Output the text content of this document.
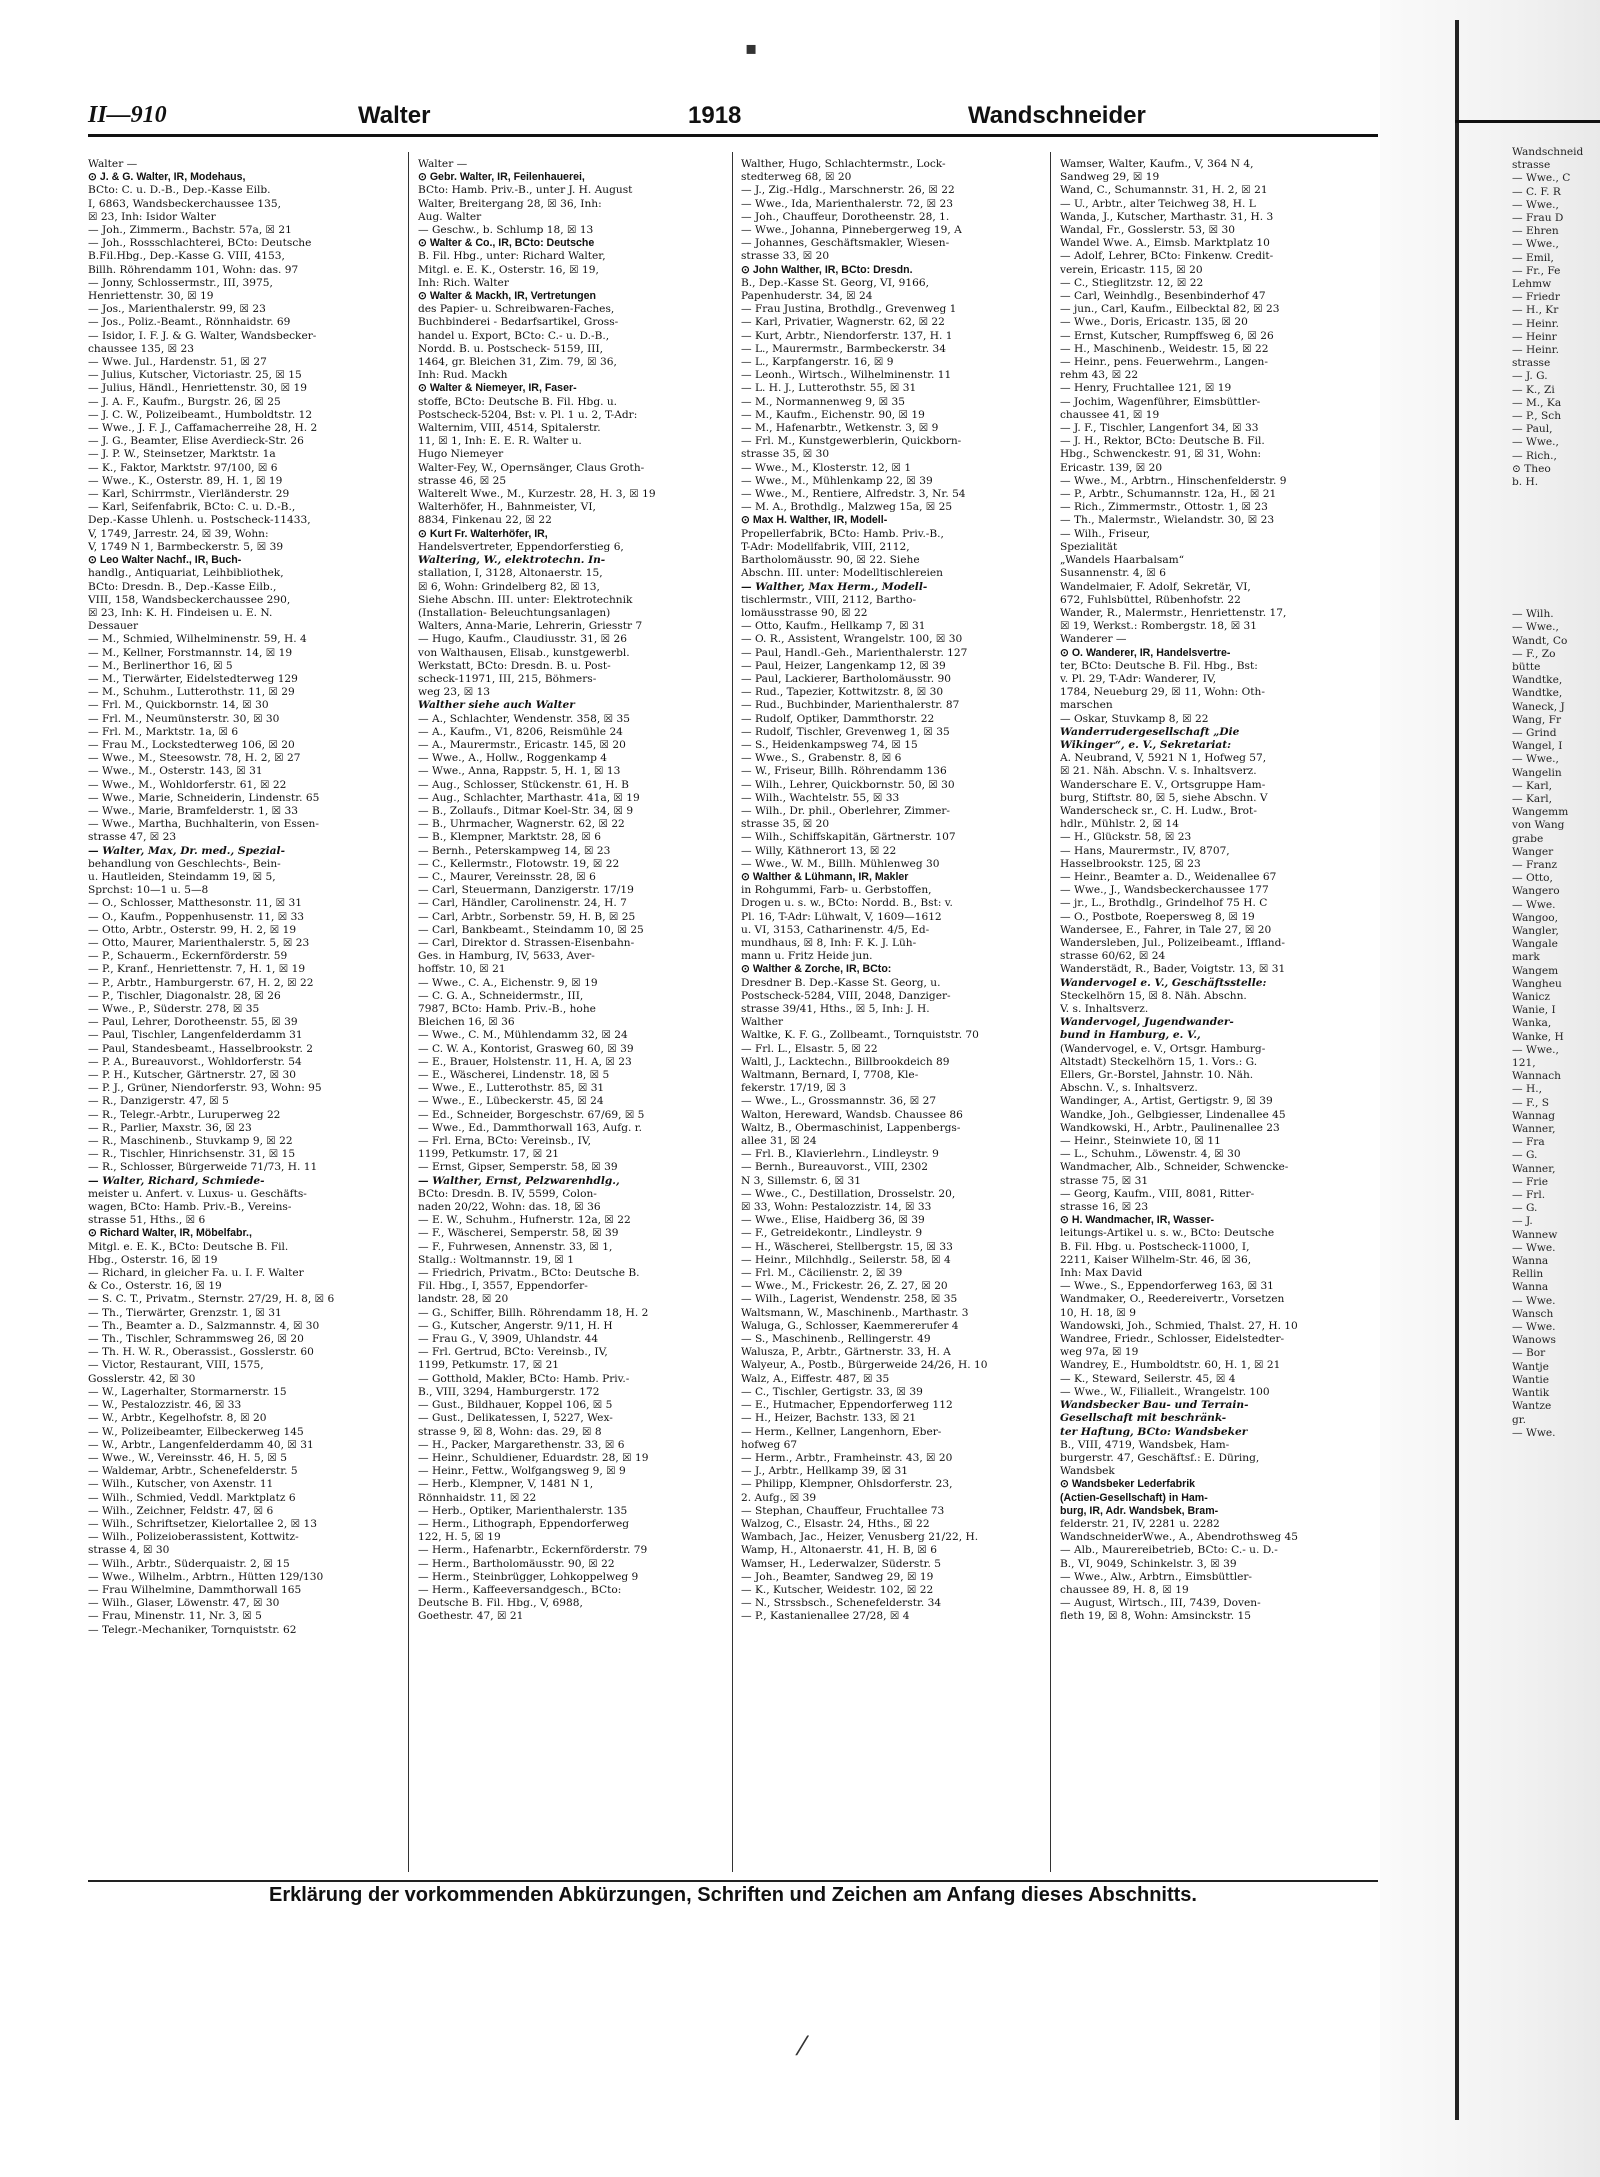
II—910	Walter	1918	Wandschneider
Walter —
⊙ J. & G. Walter, IR, Modehaus,
BCto: C. u. D.-B., Dep.-Kasse Eilb.
I, 6863, Wandsbeckerchaussee 135,
☒ 23, Inh: Isidor Walter
— Joh., Zimmerm., Bachstr. 57a, ☒ 21
— Joh., Rossschlachterei, BCto: Deutsche
B.Fil.Hbg., Dep.-Kasse G. VIII, 4153,
Billh. Röhrendamm 101, Wohn: das. 97
— Jonny, Schlossermstr., III, 3975,
Henriettenstr. 30, ☒ 19
— Jos., Marienthalerstr. 99, ☒ 23
— Jos., Poliz.-Beamt., Rönnhaidstr. 69
— Isidor, I. F. J. & G. Walter, Wandsbecker-
chaussee 135, ☒ 23
— Wwe. Jul., Hardenstr. 51, ☒ 27
— Julius, Kutscher, Victoriastr. 25, ☒ 15
— Julius, Händl., Henriettenstr. 30, ☒ 19
— J. A. F., Kaufm., Burgstr. 26, ☒ 25
— J. C. W., Polizeibeamt., Humboldtstr. 12
— Wwe., J. F. J., Caffamacherreihe 28, H. 2
— J. G., Beamter, Elise Averdieck-Str. 26
— J. P. W., Steinsetzer, Marktstr. 1a
— K., Faktor, Marktstr. 97/100, ☒ 6
— Wwe., K., Osterstr. 89, H. 1, ☒ 19
— Karl, Schirrmstr., Vierländerstr. 29
— Karl, Seifenfabrik, BCto: C. u. D.-B.,
Dep.-Kasse Uhlenh. u. Postscheck-11433,
V, 1749, Jarrestr. 24, ☒ 39, Wohn:
V, 1749 N 1, Barmbeckerstr. 5, ☒ 39
⊙ Leo Walter Nachf., IR, Buch-
handlg., Antiquariat, Leihbibliothek,
BCto: Dresdn. B., Dep.-Kasse Eilb.,
VIII, 158, Wandsbeckerchaussee 290,
☒ 23, Inh: K. H. Findeisen u. E. N.
Dessauer
— M., Schmied, Wilhelminenstr. 59, H. 4
— M., Kellner, Forstmannstr. 14, ☒ 19
— M., Berlinerthor 16, ☒ 5
— M., Tierwärter, Eidelstedterweg 129
— M., Schuhm., Lutterothstr. 11, ☒ 29
— Frl. M., Quickbornstr. 14, ☒ 30
— Frl. M., Neumünsterstr. 30, ☒ 30
— Frl. M., Marktstr. 1a, ☒ 6
— Frau M., Lockstedterweg 106, ☒ 20
— Wwe., M., Steesowstr. 78, H. 2, ☒ 27
— Wwe., M., Osterstr. 143, ☒ 31
— Wwe., M., Wohldorferstr. 61, ☒ 22
— Wwe., Marie, Schneiderin, Lindenstr. 65
— Wwe., Marie, Bramfelderstr. 1, ☒ 33
— Wwe., Martha, Buchhalterin, von Essen-
strasse 47, ☒ 23
— Walter, Max, Dr. med., Spezial-
behandlung von Geschlechts-, Bein-
u. Hautleiden, Steindamm 19, ☒ 5,
Sprchst: 10—1 u. 5—8
— O., Schlosser, Matthesonstr. 11, ☒ 31
— O., Kaufm., Poppenhusenstr. 11, ☒ 33
— Otto, Arbtr., Osterstr. 99, H. 2, ☒ 19
— Otto, Maurer, Marienthalerstr. 5, ☒ 23
— P., Schauerm., Eckernförderstr. 59
— P., Kranf., Henriettenstr. 7, H. 1, ☒ 19
— P., Arbtr., Hamburgerstr. 67, H. 2, ☒ 22
— P., Tischler, Diagonalstr. 28, ☒ 26
— Wwe., P., Süderstr. 278, ☒ 35
— Paul, Lehrer, Dorotheenstr. 55, ☒ 39
— Paul, Tischler, Langenfelderdamm 31
— Paul, Standesbeamt., Hasselbrookstr. 2
— P. A., Bureauvorst., Wohldorferstr. 54
— P. H., Kutscher, Gärtnerstr. 27, ☒ 30
— P. J., Grüner, Niendorferstr. 93, Wohn: 95
— R., Danzigerstr. 47, ☒ 5
— R., Telegr.-Arbtr., Luruperweg 22
— R., Parlier, Maxstr. 36, ☒ 23
— R., Maschinenb., Stuvkamp 9, ☒ 22
— R., Tischler, Hinrichsenstr. 31, ☒ 15
— R., Schlosser, Bürgerweide 71/73, H. 11
— Walter, Richard, Schmiede-
meister u. Anfert. v. Luxus- u. Geschäfts-
wagen, BCto: Hamb. Priv.-B., Vereins-
strasse 51, Hths., ☒ 6
⊙ Richard Walter, IR, Möbelfabr.,
Mitgl. e. E. K., BCto: Deutsche B. Fil.
Hbg., Osterstr. 16, ☒ 19
— Richard, in gleicher Fa. u. I. F. Walter
& Co., Osterstr. 16, ☒ 19
— S. C. T., Privatm., Sternstr. 27/29, H. 8, ☒ 6
— Th., Tierwärter, Grenzstr. 1, ☒ 31
— Th., Beamter a. D., Salzmannstr. 4, ☒ 30
— Th., Tischler, Schrammsweg 26, ☒ 20
— Th. H. W. R., Oberassist., Gosslerstr. 60
— Victor, Restaurant, VIII, 1575,
Gosslerstr. 42, ☒ 30
— W., Lagerhalter, Stormarnerstr. 15
— W., Pestalozzistr. 46, ☒ 33
— W., Arbtr., Kegelhofstr. 8, ☒ 20
— W., Polizeibeamter, Eilbeckerweg 145
— W., Arbtr., Langenfelderdamm 40, ☒ 31
— Wwe., W., Vereinsstr. 46, H. 5, ☒ 5
— Waldemar, Arbtr., Schenefelderstr. 5
— Wilh., Kutscher, von Axenstr. 11
— Wilh., Schmied, Veddl. Marktplatz 6
— Wilh., Zeichner, Feldstr. 47, ☒ 6
— Wilh., Schriftsetzer, Kielortallee 2, ☒ 13
— Wilh., Polizeioberassistent, Kottwitz-
strasse 4, ☒ 30
— Wilh., Arbtr., Süderquaistr. 2, ☒ 15
— Wwe., Wilhelm., Arbtrn., Hütten 129/130
— Frau Wilhelmine, Dammthorwall 165
— Wilh., Glaser, Löwenstr. 47, ☒ 30
— Frau, Minenstr. 11, Nr. 3, ☒ 5
— Telegr.-Mechaniker, Tornquiststr. 62
Walter —
⊙ Gebr. Walter, IR, Feilenhauerei,
BCto: Hamb. Priv.-B., unter J. H. August
Walter, Breitergang 28, ☒ 36, Inh:
Aug. Walter
— Geschw., b. Schlump 18, ☒ 13
⊙ Walter & Co., IR, BCto: Deutsche
B. Fil. Hbg., unter: Richard Walter,
Mitgl. e. E. K., Osterstr. 16, ☒ 19,
Inh: Rich. Walter
⊙ Walter & Mackh, IR, Vertretungen
des Papier- u. Schreibwaren-Faches,
Buchbinderei - Bedarfsartikel, Gross-
handel u. Export, BCto: C.- u. D.-B.,
Nordd. B. u. Postscheck- 5159, III,
1464, gr. Bleichen 31, Zim. 79, ☒ 36,
Inh: Rud. Mackh
⊙ Walter & Niemeyer, IR, Faser-
stoffe, BCto: Deutsche B. Fil. Hbg. u.
Postscheck-5204, Bst: v. Pl. 1 u. 2, T-Adr:
Walternim, VIII, 4514, Spitalerstr.
11, ☒ 1, Inh: E. E. R. Walter u.
Hugo Niemeyer
Walter-Fey, W., Opernsänger, Claus Groth-
strasse 46, ☒ 25
Walterelt Wwe., M., Kurzestr. 28, H. 3, ☒ 19
Walterhöfer, H., Bahnmeister, VI,
8834, Finkenau 22, ☒ 22
⊙ Kurt Fr. Walterhöfer, IR,
Handelsvertreter, Eppendorferstieg 6,
Waltering, W., elektrotechn. In-
stallation, I, 3128, Altonaerstr. 15,
☒ 6, Wohn: Grindelberg 82, ☒ 13,
Siehe Abschn. III. unter: Elektrotechnik
(Installation- Beleuchtungsanlagen)
Walters, Anna-Marie, Lehrerin, Griesstr 7
— Hugo, Kaufm., Claudiusstr. 31, ☒ 26
von Walthausen, Elisab., kunstgewerbl.
Werkstatt, BCto: Dresdn. B. u. Post-
scheck-11971, III, 215, Böhmers-
weg 23, ☒ 13
Walther siehe auch Walter
— A., Schlachter, Wendenstr. 358, ☒ 35
— A., Kaufm., V1, 8206, Reismühle 24
— A., Maurermstr., Ericastr. 145, ☒ 20
— Wwe., A., Hollw., Roggenkamp 4
— Wwe., Anna, Rappstr. 5, H. 1, ☒ 13
— Aug., Schlosser, Stückenstr. 61, H. B
— Aug., Schlachter, Marthastr. 41a, ☒ 19
— B., Zollaufs., Ditmar Koel-Str. 34, ☒ 9
— B., Uhrmacher, Wagnerstr. 62, ☒ 22
— B., Klempner, Marktstr. 28, ☒ 6
— Bernh., Peterskampweg 14, ☒ 23
— C., Kellermstr., Flotowstr. 19, ☒ 22
— C., Maurer, Vereinsstr. 28, ☒ 6
— Carl, Steuermann, Danzigerstr. 17/19
— Carl, Händler, Carolinenstr. 24, H. 7
— Carl, Arbtr., Sorbenstr. 59, H. B, ☒ 25
— Carl, Bankbeamt., Steindamm 10, ☒ 25
— Carl, Direktor d. Strassen-Eisenbahn-
Ges. in Hamburg, IV, 5633, Aver-
hoffstr. 10, ☒ 21
— Wwe., C. A., Eichenstr. 9, ☒ 19
— C. G. A., Schneidermstr., III,
7987, BCto: Hamb. Priv.-B., hohe
Bleichen 16, ☒ 36
— Wwe., C. M., Mühlendamm 32, ☒ 24
— C. W. A., Kontorist, Grasweg 60, ☒ 39
— E., Brauer, Holstenstr. 11, H. A, ☒ 23
— E., Wäscherei, Lindenstr. 18, ☒ 5
— Wwe., E., Lutterothstr. 85, ☒ 31
— Wwe., E., Lübeckerstr. 45, ☒ 24
— Ed., Schneider, Borgeschstr. 67/69, ☒ 5
— Wwe., Ed., Dammthorwall 163, Aufg. r.
— Frl. Erna, BCto: Vereinsb., IV,
1199, Petkumstr. 17, ☒ 21
— Ernst, Gipser, Semperstr. 58, ☒ 39
— Walther, Ernst, Pelzwarenhdlg.,
BCto: Dresdn. B. IV, 5599, Colon-
naden 20/22, Wohn: das. 18, ☒ 36
— E. W., Schuhm., Hufnerstr. 12a, ☒ 22
— F., Wäscherei, Semperstr. 58, ☒ 39
— F., Fuhrwesen, Annenstr. 33, ☒ 1,
Stallg.: Woltmannstr. 19, ☒ 1
— Friedrich, Privatm., BCto: Deutsche B.
Fil. Hbg., I, 3557, Eppendorfer-
landstr. 28, ☒ 20
— G., Schiffer, Billh. Röhrendamm 18, H. 2
— G., Kutscher, Angerstr. 9/11, H. H
— Frau G., V, 3909, Uhlandstr. 44
— Frl. Gertrud, BCto: Vereinsb., IV,
1199, Petkumstr. 17, ☒ 21
— Gotthold, Makler, BCto: Hamb. Priv.-
B., VIII, 3294, Hamburgerstr. 172
— Gust., Bildhauer, Koppel 106, ☒ 5
— Gust., Delikatessen, I, 5227, Wex-
strasse 9, ☒ 8, Wohn: das. 29, ☒ 8
— H., Packer, Margarethenstr. 33, ☒ 6
— Heinr., Schuldiener, Eduardstr. 28, ☒ 19
— Heinr., Fettw., Wolfgangsweg 9, ☒ 9
— Herb., Klempner, V, 1481 N 1,
Rönnhaidstr. 11, ☒ 22
— Herb., Optiker, Marienthalerstr. 135
— Herm., Lithograph, Eppendorferweg
122, H. 5, ☒ 19
— Herm., Hafenarbtr., Eckernförderstr. 79
— Herm., Bartholomäusstr. 90, ☒ 22
— Herm., Steinbrügger, Lohkoppelweg 9
— Herm., Kaffeeversandgesch., BCto:
Deutsche B. Fil. Hbg., V, 6988,
Goethestr. 47, ☒ 21
Walther, Hugo, Schlachtermstr., Lock-
stedterweg 68, ☒ 20
— J., Zig.-Hdlg., Marschnerstr. 26, ☒ 22
— Wwe., Ida, Marienthalerstr. 72, ☒ 23
— Joh., Chauffeur, Dorotheenstr. 28, 1.
— Wwe., Johanna, Pinnebergerweg 19, A
— Johannes, Geschäftsmakler, Wiesen-
strasse 33, ☒ 20
⊙ John Walther, IR, BCto: Dresdn.
B., Dep.-Kasse St. Georg, VI, 9166,
Papenhuderstr. 34, ☒ 24
— Frau Justina, Brothdlg., Grevenweg 1
— Karl, Privatier, Wagnerstr. 62, ☒ 22
— Kurt, Arbtr., Niendorferstr. 137, H. 1
— L., Maurermstr., Barmbeckerstr. 34
— L., Karpfangerstr. 16, ☒ 9
— Leonh., Wirtsch., Wilhelminenstr. 11
— L. H. J., Lutterothstr. 55, ☒ 31
— M., Normannenweg 9, ☒ 35
— M., Kaufm., Eichenstr. 90, ☒ 19
— M., Hafenarbtr., Wetkenstr. 3, ☒ 9
— Frl. M., Kunstgewerblerin, Quickborn-
strasse 35, ☒ 30
— Wwe., M., Klosterstr. 12, ☒ 1
— Wwe., M., Mühlenkamp 22, ☒ 39
— Wwe., M., Rentiere, Alfredstr. 3, Nr. 54
— M. A., Brothdlg., Malzweg 15a, ☒ 25
⊙ Max H. Walther, IR, Modell-
Propellerfabrik, BCto: Hamb. Priv.-B.,
T-Adr: Modellfabrik, VIII, 2112,
Bartholomäusstr. 90, ☒ 22. Siehe
Abschn. III. unter: Modelltischlereien
— Walther, Max Herm., Modell-
tischlermstr., VIII, 2112, Bartho-
lomäusstrasse 90, ☒ 22
— Otto, Kaufm., Hellkamp 7, ☒ 31
— O. R., Assistent, Wrangelstr. 100, ☒ 30
— Paul, Handl.-Geh., Marienthalerstr. 127
— Paul, Heizer, Langenkamp 12, ☒ 39
— Paul, Lackierer, Bartholomäusstr. 90
— Rud., Tapezier, Kottwitzstr. 8, ☒ 30
— Rud., Buchbinder, Marienthalerstr. 87
— Rudolf, Optiker, Dammthorstr. 22
— Rudolf, Tischler, Grevenweg 1, ☒ 35
— S., Heidenkampsweg 74, ☒ 15
— Wwe., S., Grabenstr. 8, ☒ 6
— W., Friseur, Billh. Röhrendamm 136
— Wilh., Lehrer, Quickbornstr. 50, ☒ 30
— Wilh., Wachtelstr. 55, ☒ 33
— Wilh., Dr. phil., Oberlehrer, Zimmer-
strasse 35, ☒ 20
— Wilh., Schiffskapitän, Gärtnerstr. 107
— Willy, Käthnerort 13, ☒ 22
— Wwe., W. M., Billh. Mühlenweg 30
⊙ Walther & Lühmann, IR, Makler
in Rohgummi, Farb- u. Gerbstoffen,
Drogen u. s. w., BCto: Nordd. B., Bst: v.
Pl. 16, T-Adr: Lühwalt, V, 1609—1612
u. VI, 3153, Catharinenstr. 4/5, Ed-
mundhaus, ☒ 8, Inh: F. K. J. Lüh-
mann u. Fritz Heide jun.
⊙ Walther & Zorche, IR, BCto:
Dresdner B. Dep.-Kasse St. Georg, u.
Postscheck-5284, VIII, 2048, Danziger-
strasse 39/41, Hths., ☒ 5, Inh: J. H.
Walther
Waltke, K. F. G., Zollbeamt., Tornquiststr. 70
— Frl. L., Elsastr. 5, ☒ 22
Waltl, J., Lacktechn., Billbrookdeich 89
Waltmann, Bernard, I, 7708, Kle-
fekerstr. 17/19, ☒ 3
— Wwe., L., Grossmannstr. 36, ☒ 27
Walton, Hereward, Wandsb. Chaussee 86
Waltz, B., Obermaschinist, Lappenbergs-
allee 31, ☒ 24
— Frl. B., Klavierlehrn., Lindleystr. 9
— Bernh., Bureauvorst., VIII, 2302
N 3, Sillemstr. 6, ☒ 31
— Wwe., C., Destillation, Drosselstr. 20,
☒ 33, Wohn: Pestalozzistr. 14, ☒ 33
— Wwe., Elise, Haidberg 36, ☒ 39
— F., Getreidekontr., Lindleystr. 9
— H., Wäscherei, Stellbergstr. 15, ☒ 33
— Heinr., Milchhdlg., Seilerstr. 58, ☒ 4
— Frl. M., Cäcilienstr. 2, ☒ 39
— Wwe., M., Frickestr. 26, Z. 27, ☒ 20
— Wilh., Lagerist, Wendenstr. 258, ☒ 35
Waltsmann, W., Maschinenb., Marthastr. 3
Waluga, G., Schlosser, Kaemmererufer 4
— S., Maschinenb., Rellingerstr. 49
Walusza, P., Arbtr., Gärtnerstr. 33, H. A
Walyeur, A., Postb., Bürgerweide 24/26, H. 10
Walz, A., Eiffestr. 487, ☒ 35
— C., Tischler, Gertigstr. 33, ☒ 39
— E., Hutmacher, Eppendorferweg 112
— H., Heizer, Bachstr. 133, ☒ 21
— Herm., Kellner, Langenhorn, Eber-
hofweg 67
— Herm., Arbtr., Framheinstr. 43, ☒ 20
— J., Arbtr., Hellkamp 39, ☒ 31
— Philipp, Klempner, Ohlsdorferstr. 23,
2. Aufg., ☒ 39
— Stephan, Chauffeur, Fruchtallee 73
Walzog, C., Elsastr. 24, Hths., ☒ 22
Wambach, Jac., Heizer, Venusberg 21/22, H.
Wamp, H., Altonaerstr. 41, H. B, ☒ 6
Wamser, H., Lederwalzer, Süderstr. 5
— Joh., Beamter, Sandweg 29, ☒ 19
— K., Kutscher, Weidestr. 102, ☒ 22
— N., Strssbsch., Schenefelderstr. 34
— P., Kastanienallee 27/28, ☒ 4
Wamser, Walter, Kaufm., V, 364 N 4,
Sandweg 29, ☒ 19
Wand, C., Schumannstr. 31, H. 2, ☒ 21
— U., Arbtr., alter Teichweg 38, H. L
Wanda, J., Kutscher, Marthastr. 31, H. 3
Wandal, Fr., Gosslerstr. 53, ☒ 30
Wandel Wwe. A., Eimsb. Marktplatz 10
— Adolf, Lehrer, BCto: Finkenw. Credit-
verein, Ericastr. 115, ☒ 20
— C., Stieglitzstr. 12, ☒ 22
— Carl, Weinhdlg., Besenbinderhof 47
— jun., Carl, Kaufm., Eilbecktal 82, ☒ 23
— Wwe., Doris, Ericastr. 135, ☒ 20
— Ernst, Kutscher, Rumpffsweg 6, ☒ 26
— H., Maschinenb., Weidestr. 15, ☒ 22
— Heinr., pens. Feuerwehrm., Langen-
rehm 43, ☒ 22
— Henry, Fruchtallee 121, ☒ 19
— Jochim, Wagenführer, Eimsbüttler-
chaussee 41, ☒ 19
— J. F., Tischler, Langenfort 34, ☒ 33
— J. H., Rektor, BCto: Deutsche B. Fil.
Hbg., Schwenckestr. 91, ☒ 31, Wohn:
Ericastr. 139, ☒ 20
— Wwe., M., Arbtrn., Hinschenfelderstr. 9
— P., Arbtr., Schumannstr. 12a, H., ☒ 21
— Rich., Zimmermstr., Ottostr. 1, ☒ 23
— Th., Malermstr., Wielandstr. 30, ☒ 23
— Wilh., Friseur,
Spezialität
„Wandels Haarbalsam“
Susannenstr. 4, ☒ 6
Wandelmaier, F. Adolf, Sekretär, VI,
672, Fuhlsbüttel, Rübenhofstr. 22
Wander, R., Malermstr., Henriettenstr. 17,
☒ 19, Werkst.: Rombergstr. 18, ☒ 31
Wanderer —
⊙ O. Wanderer, IR, Handelsvertre-
ter, BCto: Deutsche B. Fil. Hbg., Bst:
v. Pl. 29, T-Adr: Wanderer, IV,
1784, Neueburg 29, ☒ 11, Wohn: Oth-
marschen
— Oskar, Stuvkamp 8, ☒ 22
Wanderrudergesellschaft „Die
Wikinger“, e. V., Sekretariat:
A. Neubrand, V, 5921 N 1, Hofweg 57,
☒ 21. Näh. Abschn. V. s. Inhaltsverz.
Wanderschare E. V., Ortsgruppe Ham-
burg, Stiftstr. 80, ☒ 5, siehe Abschn. V
Wanderscheck sr., C. H. Ludw., Brot-
hdlr., Mühlstr. 2, ☒ 14
— H., Glückstr. 58, ☒ 23
— Hans, Maurermstr., IV, 8707,
Hasselbrookstr. 125, ☒ 23
— Heinr., Beamter a. D., Weidenallee 67
— Wwe., J., Wandsbeckerchaussee 177
— jr., L., Brothdlg., Grindelhof 75 H. C
— O., Postbote, Roepersweg 8, ☒ 19
Wandersee, E., Fahrer, in Tale 27, ☒ 20
Wandersleben, Jul., Polizeibeamt., Iffland-
strasse 60/62, ☒ 24
Wanderstädt, R., Bader, Voigtstr. 13, ☒ 31
Wandervogel e. V., Geschäftsstelle:
Steckelhörn 15, ☒ 8. Näh. Abschn.
V. s. Inhaltsverz.
Wandervogel, Jugendwander-
bund in Hamburg, e. V.,
(Wandervogel, e. V., Ortsgr. Hamburg-
Altstadt) Steckelhörn 15, 1. Vors.: G.
Ellers, Gr.-Borstel, Jahnstr. 10. Näh.
Abschn. V., s. Inhaltsverz.
Wandinger, A., Artist, Gertigstr. 9, ☒ 39
Wandke, Joh., Gelbgiesser, Lindenallee 45
Wandkowski, H., Arbtr., Paulinenallee 23
— Heinr., Steinwiete 10, ☒ 11
— L., Schuhm., Löwenstr. 4, ☒ 30
Wandmacher, Alb., Schneider, Schwencke-
strasse 75, ☒ 31
— Georg, Kaufm., VIII, 8081, Ritter-
strasse 16, ☒ 23
⊙ H. Wandmacher, IR, Wasser-
leitungs-Artikel u. s. w., BCto: Deutsche
B. Fil. Hbg. u. Postscheck-11000, I,
2211, Kaiser Wilhelm-Str. 46, ☒ 36,
Inh: Max David
— Wwe., S., Eppendorferweg 163, ☒ 31
Wandmaker, O., Reedereivertr., Vorsetzen
10, H. 18, ☒ 9
Wandowski, Joh., Schmied, Thalst. 27, H. 10
Wandree, Friedr., Schlosser, Eidelstedter-
weg 97a, ☒ 19
Wandrey, E., Humboldtstr. 60, H. 1, ☒ 21
— K., Steward, Seilerstr. 45, ☒ 4
— Wwe., W., Filialleit., Wrangelstr. 100
Wandsbecker Bau- und Terrain-
Gesellschaft mit beschränk-
ter Haftung, BCto: Wandsbeker
B., VIII, 4719, Wandsbek, Ham-
burgerstr. 47, Geschäftsf.: E. Düring,
Wandsbek
⊙ Wandsbeker Lederfabrik
(Actien-Gesellschaft) in Ham-
burg, IR, Adr. Wandsbek, Bram-
felderstr. 21, IV, 2281 u. 2282
WandschneiderWwe., A., Abendrothsweg 45
— Alb., Maurereibetrieb, BCto: C.- u. D.-
B., VI, 9049, Schinkelstr. 3, ☒ 39
— Wwe., Alw., Arbtrn., Eimsbüttler-
chaussee 89, H. 8, ☒ 19
— August, Wirtsch., III, 7439, Doven-
fleth 19, ☒ 8, Wohn: Amsinckstr. 15
Erklärung der vorkommenden Abkürzungen, Schriften und Zeichen am Anfang dieses Abschnitts.
▪
⁄
Wandschneid
strasse
— Wwe., C
— C. F. R
— Wwe.,
— Frau D
— Ehren
— Wwe.,
— Emil,
— Fr., Fe
Lehmw
— Friedr
— H., Kr
— Heinr.
— Heinr
— Heinr.
strasse
— J. G.
— K., Zi
— M., Ka
— P., Sch
— Paul,
— Wwe.,
— Rich.,
⊙ Theo
b. H.

— Wilh.
— Wwe.,
Wandt, Co
— F., Zo
bütte
Wandtke,
Wandtke,
Waneck, J
Wang, Fr
— Grind
Wangel, I
— Wwe.,
Wangelin
— Karl,
— Karl,
Wangemm
von Wang
grabe
Wanger
— Franz
— Otto,
Wangero
— Wwe.
Wangoo,
Wangler,
Wangale
mark
Wangem
Wangheu
Wanicz
Wanie, I
Wanka,
Wanke, H
— Wwe.,
121,
Wannach
— H.,
— F., S
Wannag
Wanner,
— Fra
— G.
Wanner,
— Frie
— Frl.
— G.
— J.
Wannew
— Wwe.
Wanna
Rellin
Wanna
— Wwe.
Wansch
— Wwe.
Wanows
— Bor
Wantje
Wantie
Wantik
Wantze
gr.
— Wwe.
